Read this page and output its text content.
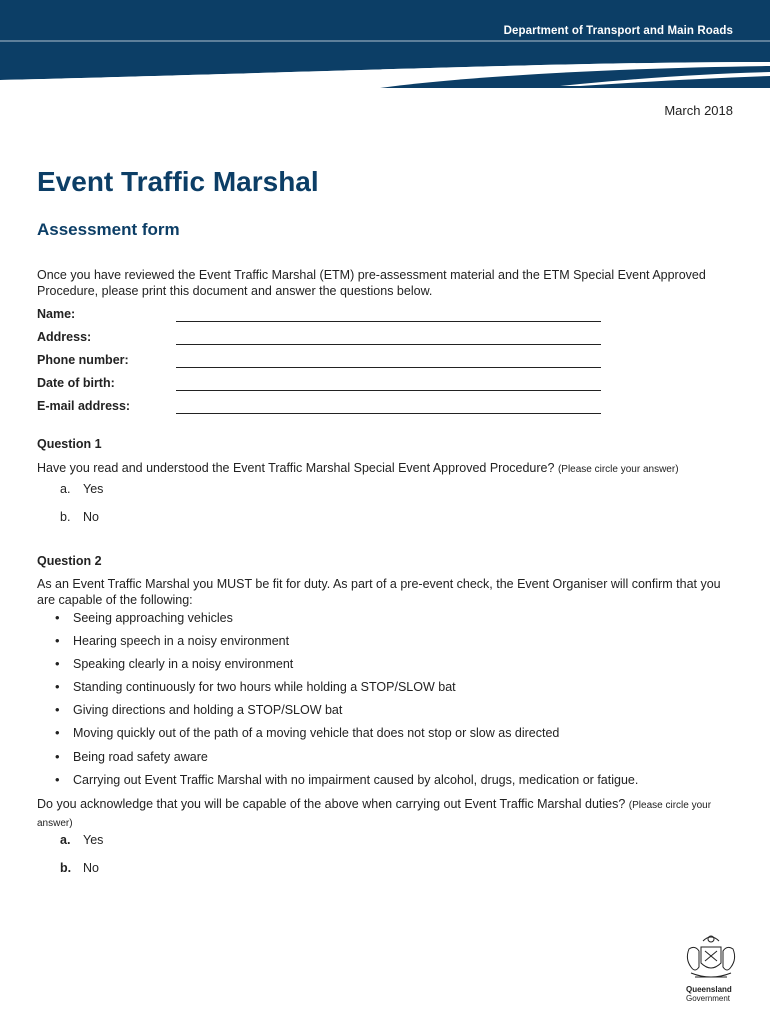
Department of Transport and Main Roads
March 2018
Event Traffic Marshal
Assessment form

Once you have reviewed the Event Traffic Marshal (ETM) pre-assessment material and the ETM Special Event Approved Procedure, please print this document and answer the questions below.

Name:
Address:
Phone number:
Date of birth:
E-mail address:
Question 1

Have you read and understood the Event Traffic Marshal Special Event Approved Procedure? (Please circle your answer)

a. Yes
b. No
Question 2

As an Event Traffic Marshal you MUST be fit for duty. As part of a pre-event check, the Event Organiser will confirm that you are capable of the following:

• Seeing approaching vehicles
• Hearing speech in a noisy environment
• Speaking clearly in a noisy environment
• Standing continuously for two hours while holding a STOP/SLOW bat
• Giving directions and holding a STOP/SLOW bat
• Moving quickly out of the path of a moving vehicle that does not stop or slow as directed
• Being road safety aware
• Carrying out Event Traffic Marshal with no impairment caused by alcohol, drugs, medication or fatigue.

Do you acknowledge that you will be capable of the above when carrying out Event Traffic Marshal duties? (Please circle your answer)

a. Yes
b. No
Queensland
Government
